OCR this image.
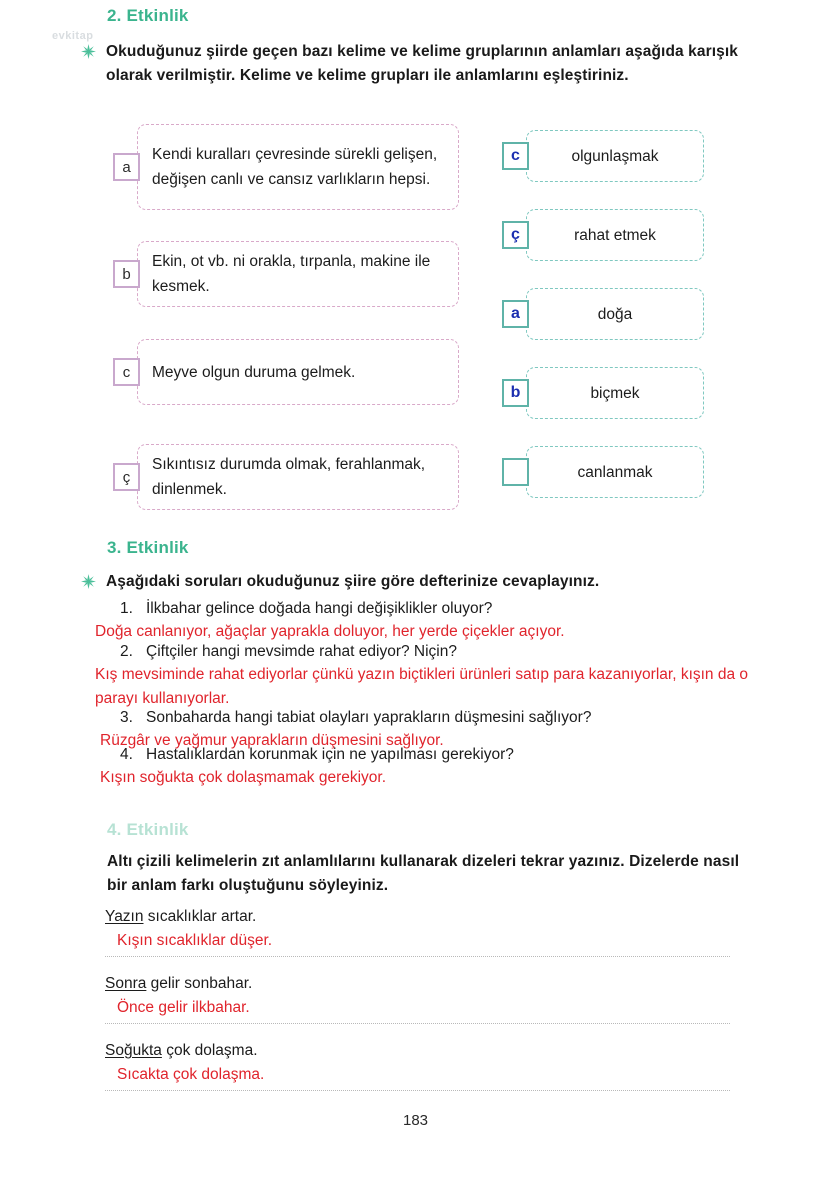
evkitap
2. Etkinlik
Okuduğunuz şiirde geçen bazı kelime ve kelime gruplarının anlamları aşağıda karışık olarak verilmiştir. Kelime ve kelime grupları ile anlamlarını eşleştiriniz.
a
Kendi kuralları çevresinde sürekli gelişen, değişen canlı ve cansız varlıkların hepsi.
b
Ekin, ot vb. ni orakla, tırpanla, makine ile kesmek.
c	Meyve olgun duruma gelmek.
ç
Sıkıntısız durumda olmak, ferahlanmak, dinlenmek.
c	olgunlaşmak
ç	rahat etmek
a	doğa
b	biçmek
canlanmak
3. Etkinlik
Aşağıdaki soruları okuduğunuz şiire göre defterinize cevaplayınız.
1. İlkbahar gelince doğada hangi değişiklikler oluyor?
Doğa canlanıyor, ağaçlar yaprakla doluyor, her yerde çiçekler açıyor.
2. Çiftçiler hangi mevsimde rahat ediyor? Niçin?
Kış mevsiminde rahat ediyorlar çünkü yazın biçtikleri ürünleri satıp para kazanıyorlar, kışın da o parayı kullanıyorlar.
3. Sonbaharda hangi tabiat olayları yaprakların düşmesini sağlıyor?
Rüzgâr ve yağmur yaprakların düşmesini sağlıyor.
4. Hastalıklardan korunmak için ne yapılması gerekiyor?
Kışın soğukta çok dolaşmamak gerekiyor.
4. Etkinlik
Altı çizili kelimelerin zıt anlamlılarını kullanarak dizeleri tekrar yazınız. Dizelerde nasıl bir anlam farkı oluştuğunu söyleyiniz.
Yazın sıcaklıklar artar.
Kışın sıcaklıklar düşer.
Sonra gelir sonbahar.
Önce gelir ilkbahar.
Soğukta çok dolaşma.
Sıcakta çok dolaşma.
183
